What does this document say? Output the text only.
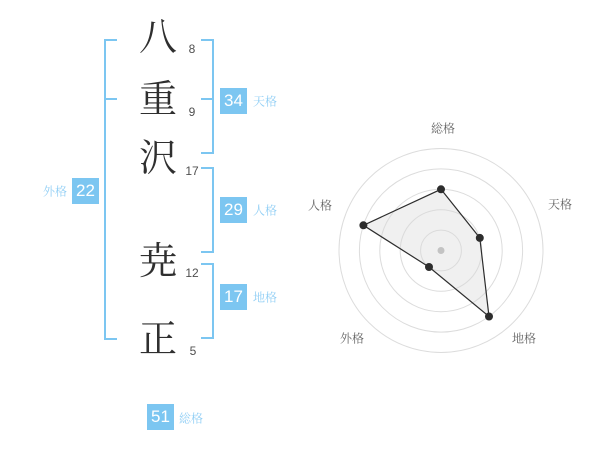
八
重
沢
尭
正
8
9
17
12
5
外格 22
34 天格
29 人格
17 地格
51 総格
総格
天格
地格
外格
人格
